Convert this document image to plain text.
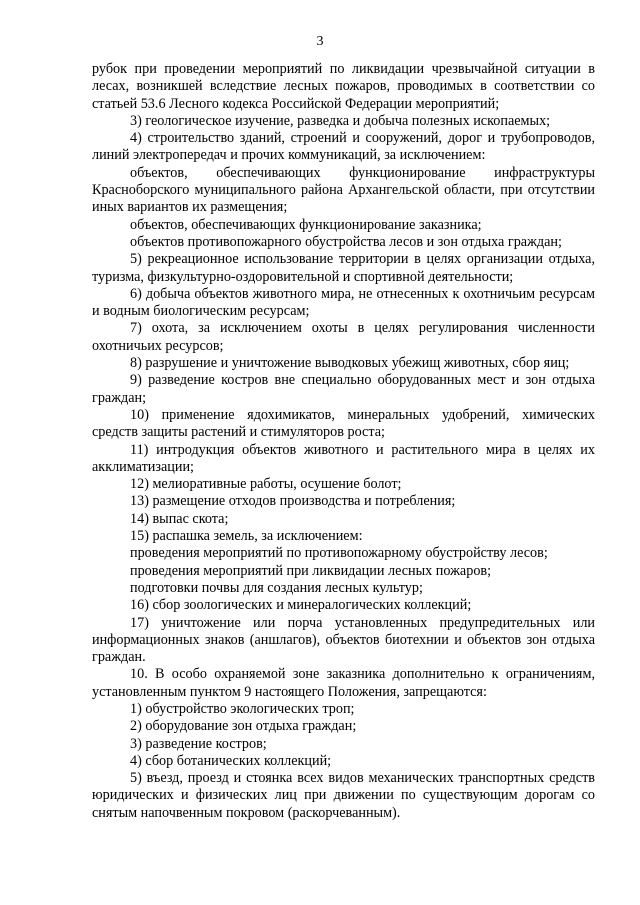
3

рубок при проведении мероприятий по ликвидации чрезвычайной ситуации в лесах, возникшей вследствие лесных пожаров, проводимых в соответствии со статьей 53.6 Лесного кодекса Российской Федерации мероприятий;

3) геологическое изучение, разведка и добыча полезных ископаемых;

4) строительство зданий, строений и сооружений, дорог и трубопроводов, линий электропередач и прочих коммуникаций, за исключением:

объектов, обеспечивающих функционирование инфраструктуры Красноборского муниципального района Архангельской области, при отсутствии иных вариантов их размещения;

объектов, обеспечивающих функционирование заказника;

объектов противопожарного обустройства лесов и зон отдыха граждан;

5) рекреационное использование территории в целях организации отдыха, туризма, физкультурно-оздоровительной и спортивной деятельности;

6) добыча объектов животного мира, не отнесенных к охотничьим ресурсам и водным биологическим ресурсам;

7) охота, за исключением охоты в целях регулирования численности охотничьих ресурсов;

8) разрушение и уничтожение выводковых убежищ животных, сбор яиц;

9) разведение костров вне специально оборудованных мест и зон отдыха граждан;

10) применение ядохимикатов, минеральных удобрений, химических средств защиты растений и стимуляторов роста;

11) интродукция объектов животного и растительного мира в целях их акклиматизации;

12) мелиоративные работы, осушение болот;

13) размещение отходов производства и потребления;

14) выпас скота;

15) распашка земель, за исключением:

проведения мероприятий по противопожарному обустройству лесов;

проведения мероприятий при ликвидации лесных пожаров;

подготовки почвы для создания лесных культур;

16) сбор зоологических и минералогических коллекций;

17) уничтожение или порча установленных предупредительных или информационных знаков (аншлагов), объектов биотехнии и объектов зон отдыха граждан.

10. В особо охраняемой зоне заказника дополнительно к ограничениям, установленным пунктом 9 настоящего Положения, запрещаются:

1) обустройство экологических троп;

2) оборудование зон отдыха граждан;

3) разведение костров;

4) сбор ботанических коллекций;

5) въезд, проезд и стоянка всех видов механических транспортных средств юридических и физических лиц при движении по существующим дорогам со снятым напочвенным покровом (раскорчеванным).
